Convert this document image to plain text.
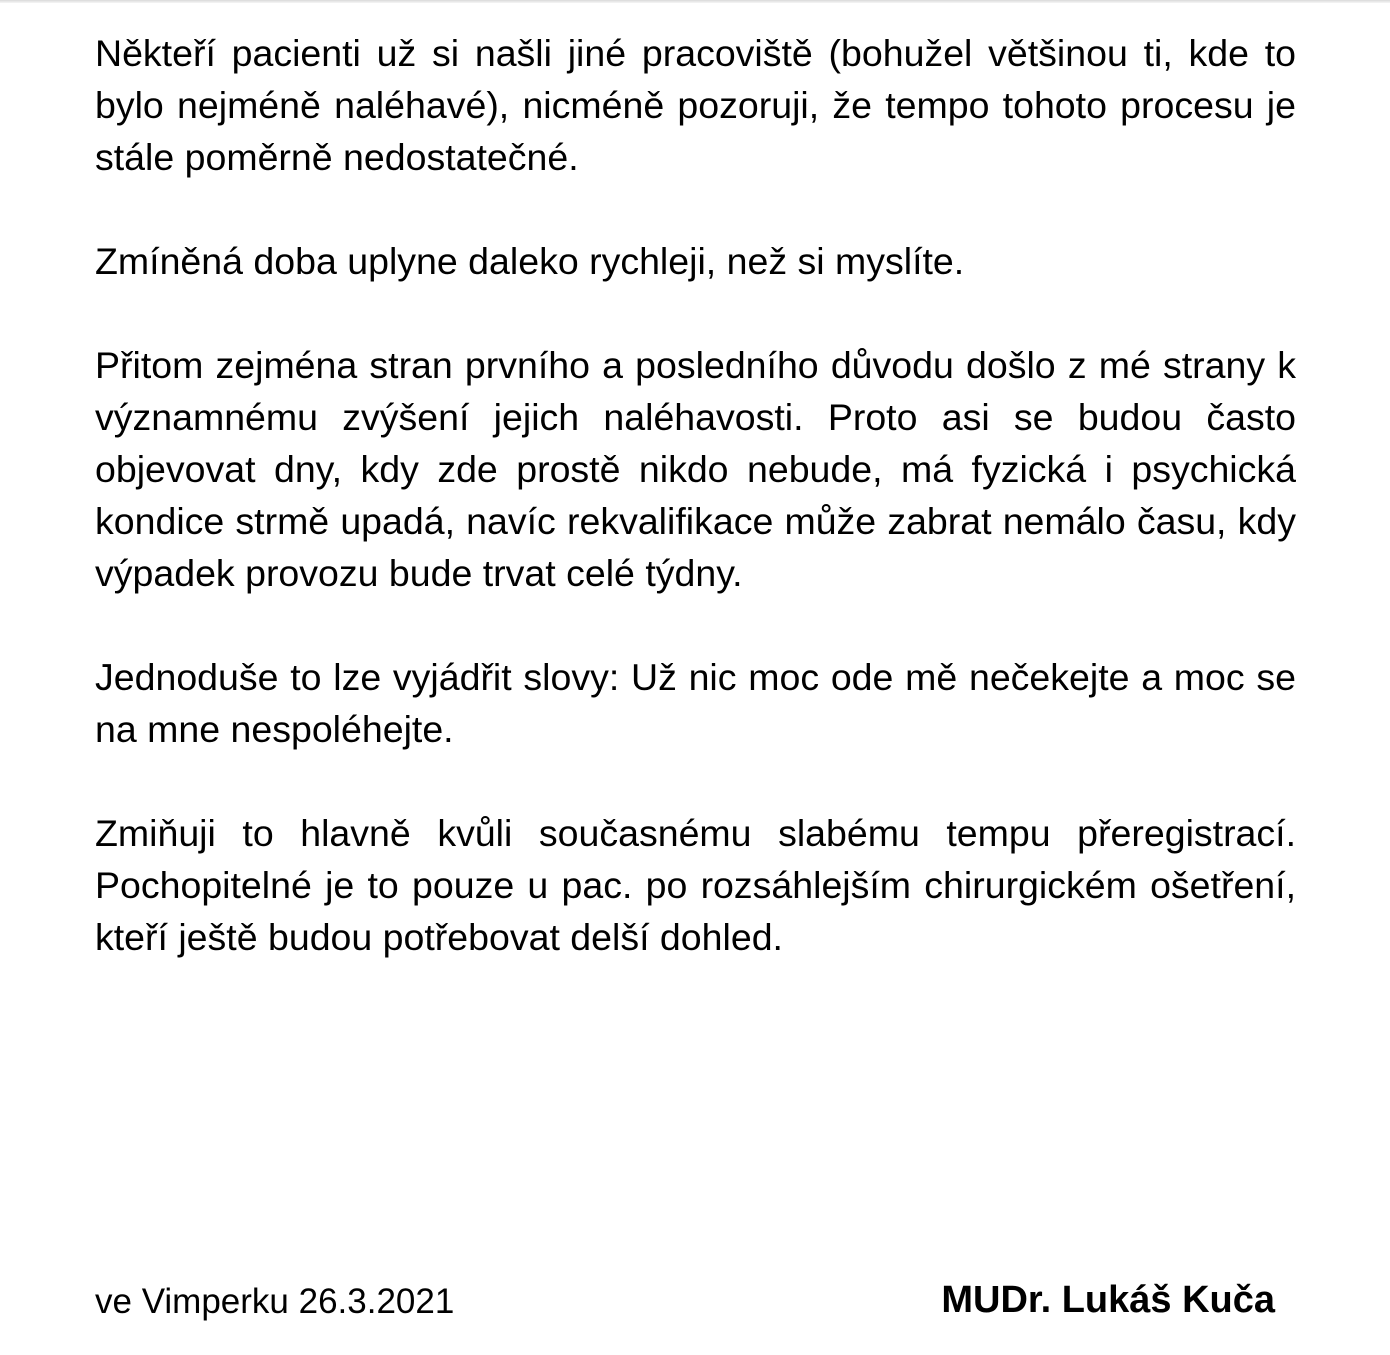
Někteří pacienti už si našli jiné pracoviště (bohužel většinou ti, kde to bylo nejméně naléhavé), nicméně pozoruji, že tempo tohoto procesu je stále poměrně nedostatečné.

Zmíněná doba uplyne daleko rychleji, než si myslíte.

Přitom zejména stran prvního a posledního důvodu došlo z mé strany k významnému zvýšení jejich naléhavosti. Proto asi se budou často objevovat dny, kdy zde prostě nikdo nebude, má fyzická i psychická kondice strmě upadá, navíc rekvalifikace může zabrat nemálo času, kdy výpadek provozu bude trvat celé týdny.

Jednoduše to lze vyjádřit slovy: Už nic moc ode mě nečekejte a moc se na mne nespoléhejte.

Zmiňuji to hlavně kvůli současnému slabému tempu přeregistrací. Pochopitelné je to pouze u pac. po rozsáhlejším chirurgickém ošetření, kteří ještě budou potřebovat delší dohled.

ve Vimperku 26.3.2021	MUDr. Lukáš Kuča
